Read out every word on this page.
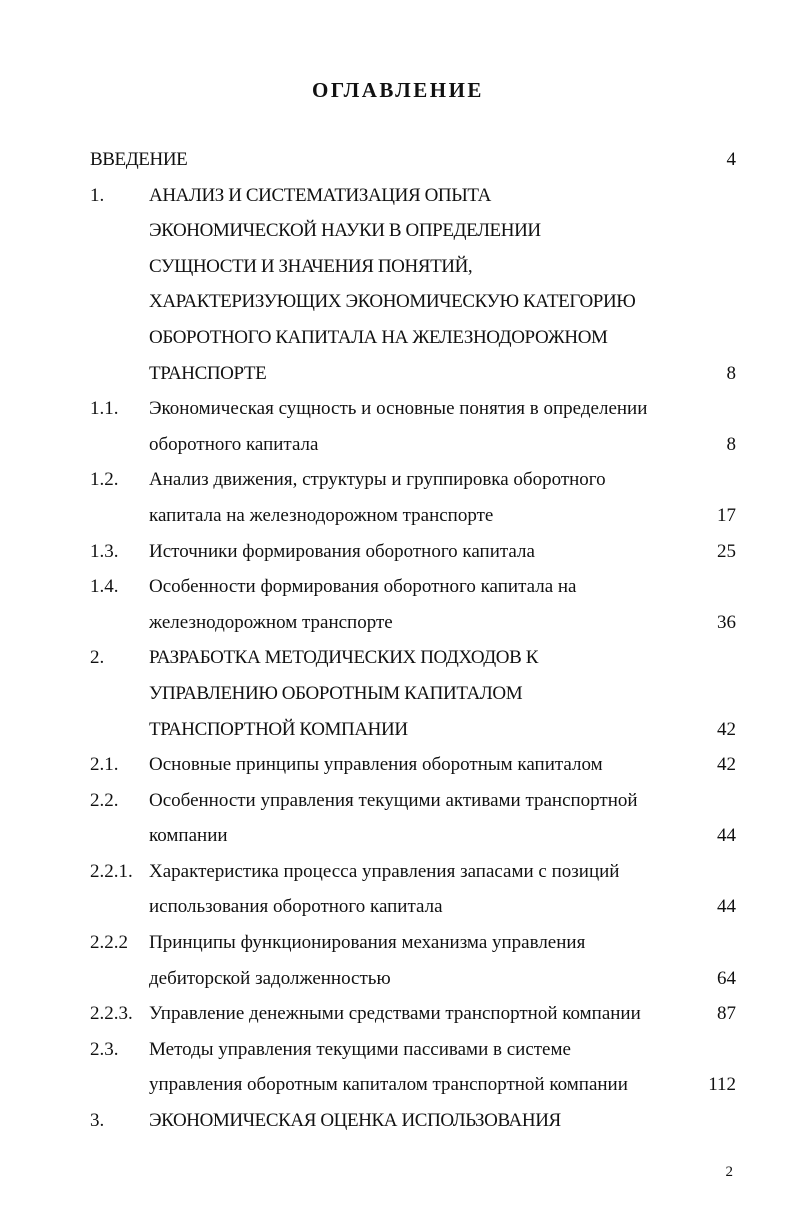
ОГЛАВЛЕНИЕ
ВВЕДЕНИЕ	4
1. АНАЛИЗ И СИСТЕМАТИЗАЦИЯ ОПЫТА
ЭКОНОМИЧЕСКОЙ НАУКИ В ОПРЕДЕЛЕНИИ
СУЩНОСТИ И ЗНАЧЕНИЯ ПОНЯТИЙ,
ХАРАКТЕРИЗУЮЩИХ ЭКОНОМИЧЕСКУЮ КАТЕГОРИЮ
ОБОРОТНОГО КАПИТАЛА НА ЖЕЛЕЗНОДОРОЖНОМ
ТРАНСПОРТЕ	8
1.1. Экономическая сущность и основные понятия в определении
оборотного капитала	8
1.2. Анализ движения, структуры и группировка оборотного
капитала на железнодорожном транспорте	17
1.3. Источники формирования оборотного капитала	25
1.4. Особенности формирования оборотного капитала на
железнодорожном транспорте	36
2. РАЗРАБОТКА МЕТОДИЧЕСКИХ ПОДХОДОВ К
УПРАВЛЕНИЮ ОБОРОТНЫМ КАПИТАЛОМ
ТРАНСПОРТНОЙ КОМПАНИИ	42
2.1. Основные принципы управления оборотным капиталом	42
2.2. Особенности управления текущими активами транспортной
компании	44
2.2.1. Характеристика процесса управления запасами с позиций
использования оборотного капитала	44
2.2.2 Принципы функционирования механизма управления
дебиторской задолженностью	64
2.2.3. Управление денежными средствами транспортной компании	87
2.3. Методы управления текущими пассивами в системе
управления оборотным капиталом транспортной компании	112
3. ЭКОНОМИЧЕСКАЯ ОЦЕНКА ИСПОЛЬЗОВАНИЯ
2
